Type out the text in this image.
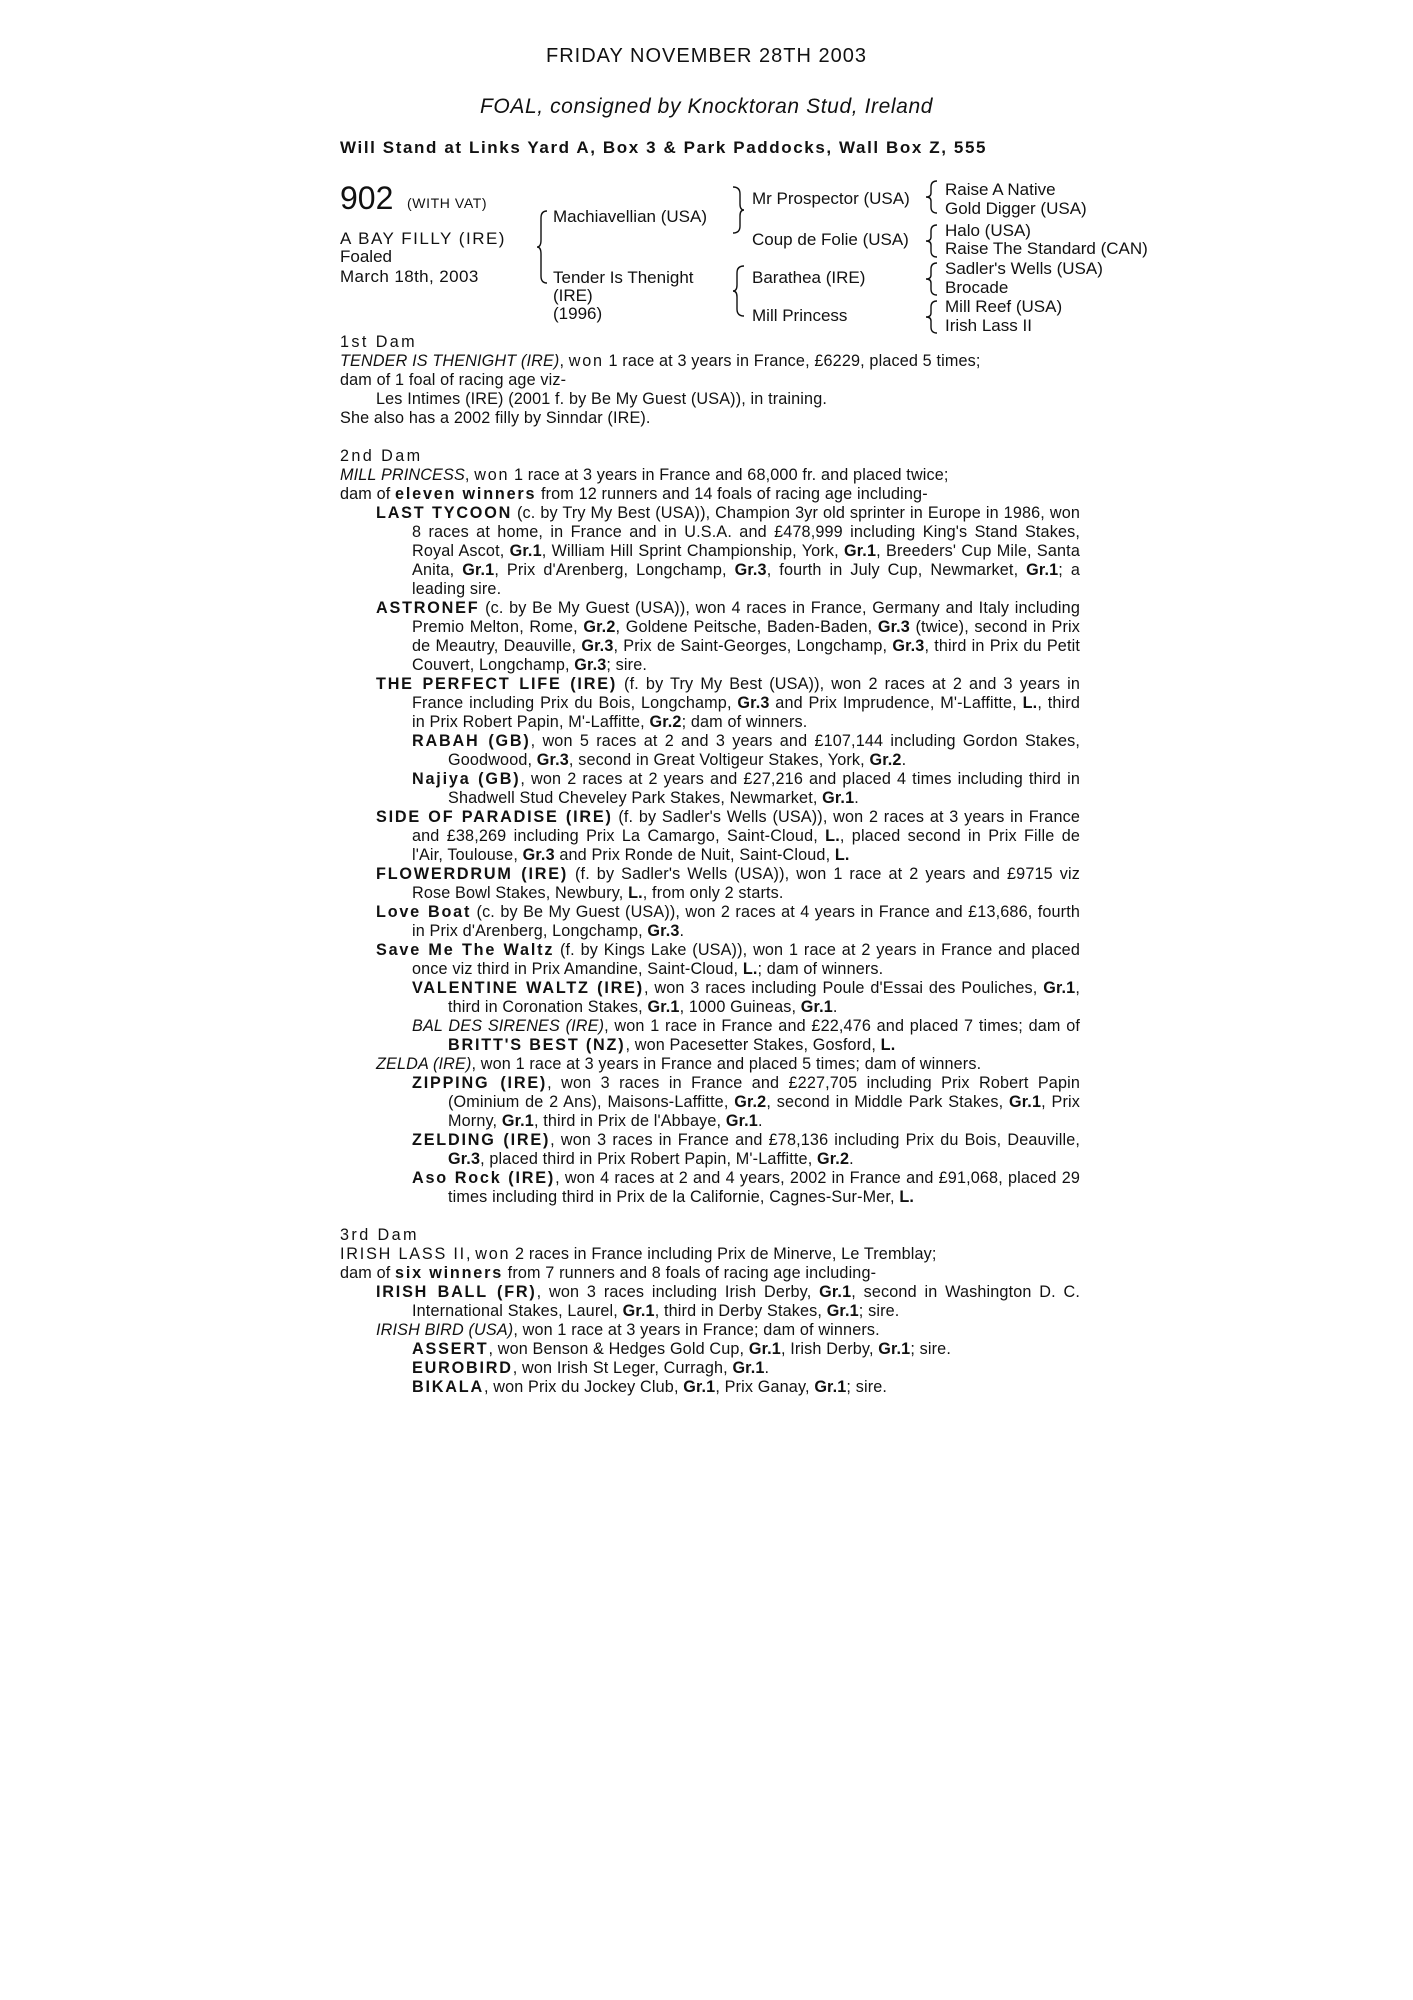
FRIDAY NOVEMBER 28TH 2003
FOAL, consigned by Knocktoran Stud, Ireland
Will Stand at Links Yard A, Box 3 & Park Paddocks, Wall Box Z, 555
902 (WITH VAT)
A BAY FILLY (IRE)
Foaled
March 18th, 2003
Machiavellian (USA)
Mr Prospector (USA) Raise A Native
Gold Digger (USA)
Coup de Folie (USA) Halo (USA)
Raise The Standard (CAN)
Tender Is Thenight
(IRE)
(1996)
Barathea (IRE)	Sadler's Wells (USA)
Brocade
Mill Princess	Mill Reef (USA)
Irish Lass II

1st Dam

TENDER IS THENIGHT (IRE), won 1 race at 3 years in France, £6229, placed 5 times;

dam of 1 foal of racing age viz-

Les Intimes (IRE) (2001 f. by Be My Guest (USA)), in training.

She also has a 2002 filly by Sinndar (IRE).

2nd Dam

MILL PRINCESS, won 1 race at 3 years in France and 68,000 fr. and placed twice;

dam of eleven winners from 12 runners and 14 foals of racing age including-

LAST TYCOON (c. by Try My Best (USA)), Champion 3yr old sprinter in Europe in 1986, won 8 races at home, in France and in U.S.A. and £478,999 including King's Stand Stakes, Royal Ascot, Gr.1, William Hill Sprint Championship, York, Gr.1, Breeders' Cup Mile, Santa Anita, Gr.1, Prix d'Arenberg, Longchamp, Gr.3, fourth in July Cup, Newmarket, Gr.1; a leading sire.

ASTRONEF (c. by Be My Guest (USA)), won 4 races in France, Germany and Italy including Premio Melton, Rome, Gr.2, Goldene Peitsche, Baden-Baden, Gr.3 (twice), second in Prix de Meautry, Deauville, Gr.3, Prix de Saint-Georges, Longchamp, Gr.3, third in Prix du Petit Couvert, Longchamp, Gr.3; sire.

THE PERFECT LIFE (IRE) (f. by Try My Best (USA)), won 2 races at 2 and 3 years in France including Prix du Bois, Longchamp, Gr.3 and Prix Imprudence, M'-Laffitte, L., third in Prix Robert Papin, M'-Laffitte, Gr.2; dam of winners.

RABAH (GB), won 5 races at 2 and 3 years and £107,144 including Gordon Stakes, Goodwood, Gr.3, second in Great Voltigeur Stakes, York, Gr.2.

Najiya (GB), won 2 races at 2 years and £27,216 and placed 4 times including third in Shadwell Stud Cheveley Park Stakes, Newmarket, Gr.1.

SIDE OF PARADISE (IRE) (f. by Sadler's Wells (USA)), won 2 races at 3 years in France and £38,269 including Prix La Camargo, Saint-Cloud, L., placed second in Prix Fille de l'Air, Toulouse, Gr.3 and Prix Ronde de Nuit, Saint-Cloud, L.

FLOWERDRUM (IRE) (f. by Sadler's Wells (USA)), won 1 race at 2 years and £9715 viz Rose Bowl Stakes, Newbury, L., from only 2 starts.

Love Boat (c. by Be My Guest (USA)), won 2 races at 4 years in France and £13,686, fourth in Prix d'Arenberg, Longchamp, Gr.3.

Save Me The Waltz (f. by Kings Lake (USA)), won 1 race at 2 years in France and placed once viz third in Prix Amandine, Saint-Cloud, L.; dam of winners.

VALENTINE WALTZ (IRE), won 3 races including Poule d'Essai des Pouliches, Gr.1, third in Coronation Stakes, Gr.1, 1000 Guineas, Gr.1.

BAL DES SIRENES (IRE), won 1 race in France and £22,476 and placed 7 times; dam of BRITT'S BEST (NZ), won Pacesetter Stakes, Gosford, L.

ZELDA (IRE), won 1 race at 3 years in France and placed 5 times; dam of winners.

ZIPPING (IRE), won 3 races in France and £227,705 including Prix Robert Papin (Ominium de 2 Ans), Maisons-Laffitte, Gr.2, second in Middle Park Stakes, Gr.1, Prix Morny, Gr.1, third in Prix de l'Abbaye, Gr.1.

ZELDING (IRE), won 3 races in France and £78,136 including Prix du Bois, Deauville, Gr.3, placed third in Prix Robert Papin, M'-Laffitte, Gr.2.

Aso Rock (IRE), won 4 races at 2 and 4 years, 2002 in France and £91,068, placed 29 times including third in Prix de la Californie, Cagnes-Sur-Mer, L.

3rd Dam

IRISH LASS II, won 2 races in France including Prix de Minerve, Le Tremblay;

dam of six winners from 7 runners and 8 foals of racing age including-

IRISH BALL (FR), won 3 races including Irish Derby, Gr.1, second in Washington D. C. International Stakes, Laurel, Gr.1, third in Derby Stakes, Gr.1; sire.

IRISH BIRD (USA), won 1 race at 3 years in France; dam of winners.

ASSERT, won Benson & Hedges Gold Cup, Gr.1, Irish Derby, Gr.1; sire.

EUROBIRD, won Irish St Leger, Curragh, Gr.1.

BIKALA, won Prix du Jockey Club, Gr.1, Prix Ganay, Gr.1; sire.
